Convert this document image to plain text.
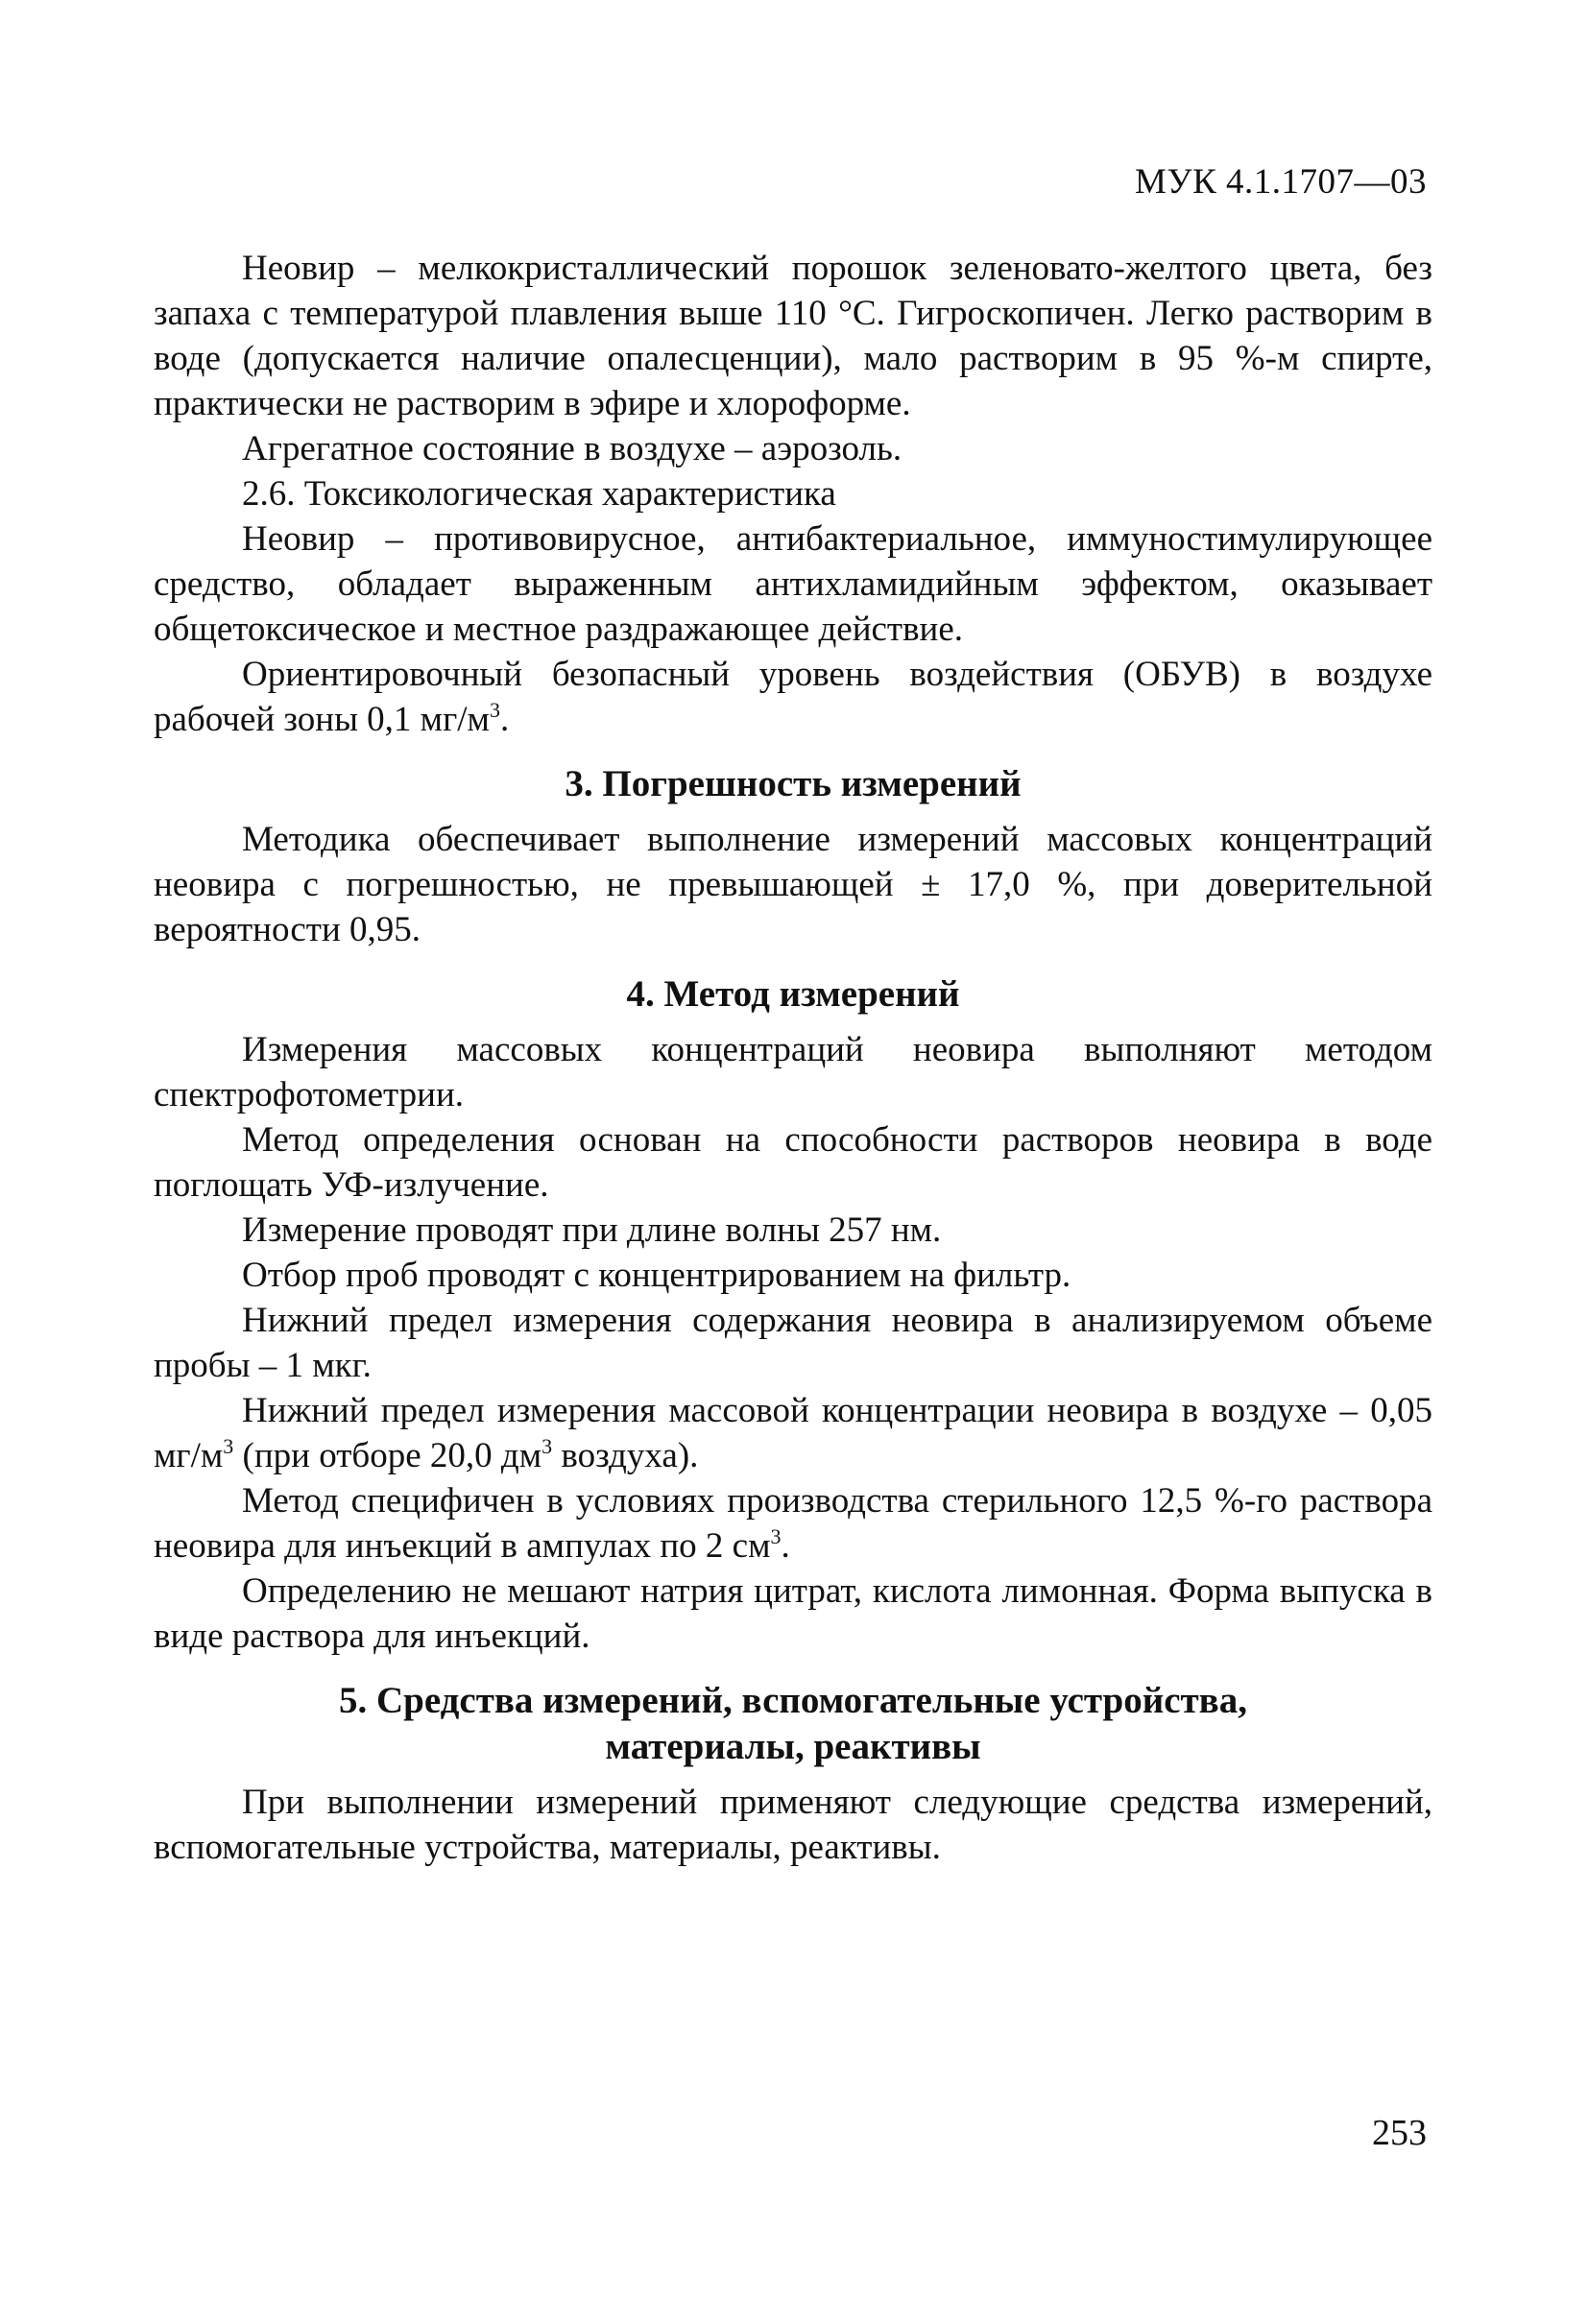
МУК 4.1.1707—03

Неовир – мелкокристаллический порошок зеленовато-желтого цвета, без запаха с температурой плавления выше 110 °С. Гигроскопичен. Легко растворим в воде (допускается наличие опалесценции), мало растворим в 95 %-м спирте, практически не растворим в эфире и хлороформе.

Агрегатное состояние в воздухе – аэрозоль.

2.6. Токсикологическая характеристика

Неовир – противовирусное, антибактериальное, иммуностимулирующее средство, обладает выраженным антихламидийным эффектом, оказывает общетоксическое и местное раздражающее действие.

Ориентировочный безопасный уровень воздействия (ОБУВ) в воздухе рабочей зоны 0,1 $мг/м^3$.

3. Погрешность измерений

Методика обеспечивает выполнение измерений массовых концентраций неовира с погрешностью, не превышающей ± 17,0 %, при доверительной вероятности 0,95.

4. Метод измерений

Измерения массовых концентраций неовира выполняют методом спектрофотометрии.

Метод определения основан на способности растворов неовира в воде поглощать УФ-излучение.

Измерение проводят при длине волны 257 нм.

Отбор проб проводят с концентрированием на фильтр.

Нижний предел измерения содержания неовира в анализируемом объеме пробы – 1 мкг.

Нижний предел измерения массовой концентрации неовира в воздухе – 0,05 $мг/м^3$ (при отборе 20,0 $дм^3$ воздуха).

Метод специфичен в условиях производства стерильного 12,5 %-го раствора неовира для инъекций в ампулах по 2 $см^3$.

Определению не мешают натрия цитрат, кислота лимонная. Форма выпуска в виде раствора для инъекций.

5. Средства измерений, вспомогательные устройства,
материалы, реактивы

При выполнении измерений применяют следующие средства измерений, вспомогательные устройства, материалы, реактивы.

253
